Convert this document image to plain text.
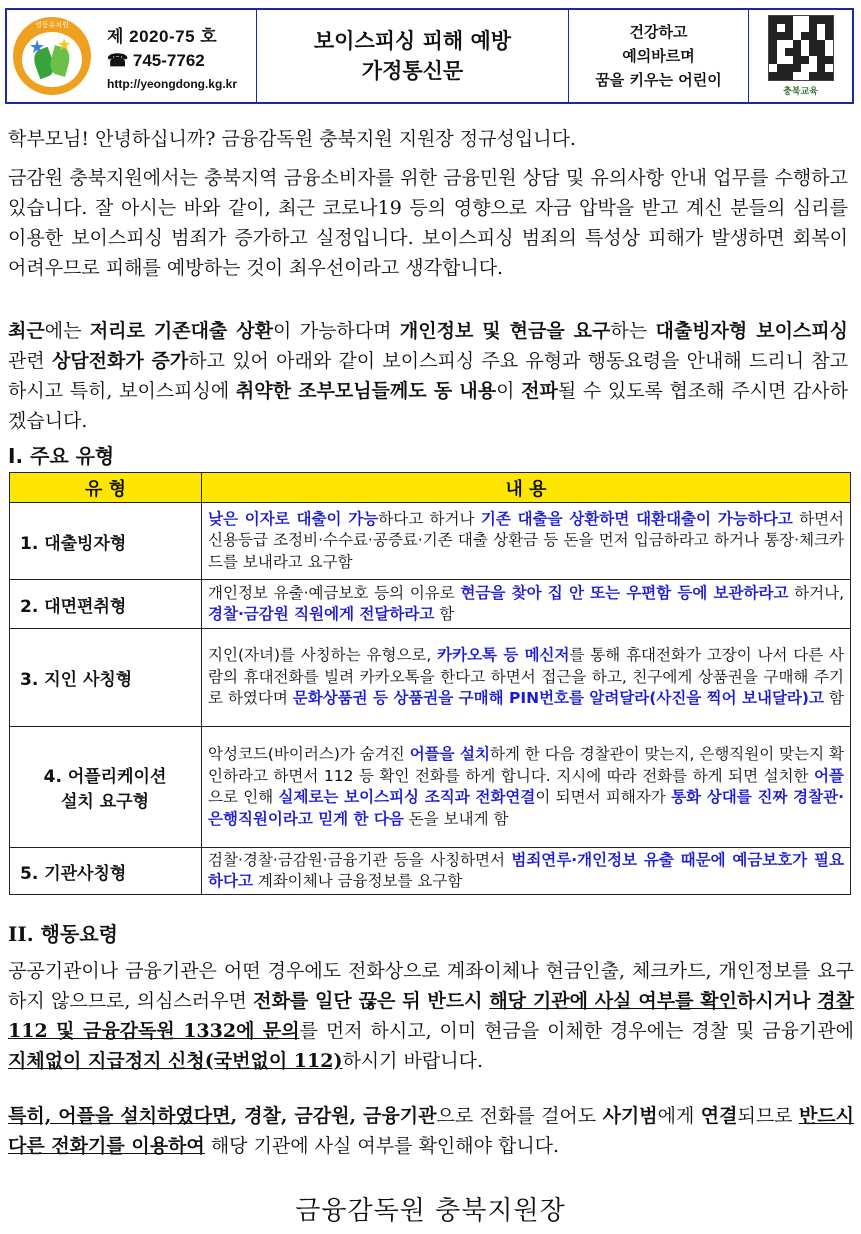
영동유치원
★ ★ 제 2020-75 호
☎ 745-7762
http://yeongdong.kg.kr
보이스피싱 피해 예방
가정통신문
건강하고
예의바르며
꿈을 키우는 어린이
충북교육
학부모님! 안녕하십니까? 금융감독원 충북지원 지원장 정규성입니다.
금감원 충북지원에서는 충북지역 금융소비자를 위한 금융민원 상담 및 유의사항 안내 업무를 수행하고 있습니다. 잘 아시는 바와 같이, 최근 코로나19 등의 영향으로 자금 압박을 받고 계신 분들의 심리를 이용한 보이스피싱 범죄가 증가하고 실정입니다. 보이스피싱 범죄의 특성상 피해가 발생하면 회복이 어려우므로 피해를 예방하는 것이 최우선이라고 생각합니다.
최근에는 저리로 기존대출 상환이 가능하다며 개인정보 및 현금을 요구하는 대출빙자형 보이스피싱 관련 상담전화가 증가하고 있어 아래와 같이 보이스피싱 주요 유형과 행동요령을 안내해 드리니 참고하시고 특히, 보이스피싱에 취약한 조부모님들께도 동 내용이 전파될 수 있도록 협조해 주시면 감사하겠습니다.
Ⅰ. 주요 유형
유 형	내 용
1. 대출빙자형	낮은 이자로 대출이 가능하다고 하거나 기존 대출을 상환하면 대환대출이 가능하다고 하면서 신용등급 조정비·수수료·공증료·기존 대출 상환금 등 돈을 먼저 입금하라고 하거나 통장·체크카드를 보내라고 요구함
2. 대면편취형	개인정보 유출·예금보호 등의 이유로 현금을 찾아 집 안 또는 우편함 등에 보관하라고 하거나, 경찰·금감원 직원에게 전달하라고 함
3. 지인 사칭형	지인(자녀)를 사칭하는 유형으로, 카카오톡 등 메신저를 통해 휴대전화가 고장이 나서 다른 사람의 휴대전화를 빌려 카카오톡을 한다고 하면서 접근을 하고, 친구에게 상품권을 구매해 주기로 하였다며 문화상품권 등 상품권을 구매해 PIN번호를 알려달라(사진을 찍어 보내달라)고 함

4. 어플리케이션
설치 요구형	악성코드(바이러스)가 숨겨진 어플을 설치하게 한 다음 경찰관이 맞는지, 은행직원이 맞는지 확인하라고 하면서 112 등 확인 전화를 하게 합니다. 지시에 따라 전화를 하게 되면 설치한 어플으로 인해 실제로는 보이스피싱 조직과 전화연결이 되면서 피해자가 통화 상대를 진짜 경찰관·은행직원이라고 믿게 한 다음 돈을 보내게 함
5. 기관사칭형	검찰·경찰·금감원·금융기관 등을 사칭하면서 범죄연루·개인정보 유출 때문에 예금보호가 필요하다고 계좌이체나 금융정보를 요구함
II. 행동요령
공공기관이나 금융기관은 어떤 경우에도 전화상으로 계좌이체나 현금인출, 체크카드, 개인정보를 요구하지 않으므로, 의심스러우면 전화를 일단 끊은 뒤 반드시 해당 기관에 사실 여부를 확인하시거나 경찰 112 및 금융감독원 1332에 문의를 먼저 하시고, 이미 현금을 이체한 경우에는 경찰 및 금융기관에 지체없이 지급정지 신청(국번없이 112)하시기 바랍니다.
특히, 어플을 설치하였다면, 경찰, 금감원, 금융기관으로 전화를 걸어도 사기범에게 연결되므로 반드시 다른 전화기를 이용하여 해당 기관에 사실 여부를 확인해야 합니다.
금융감독원 충북지원장
